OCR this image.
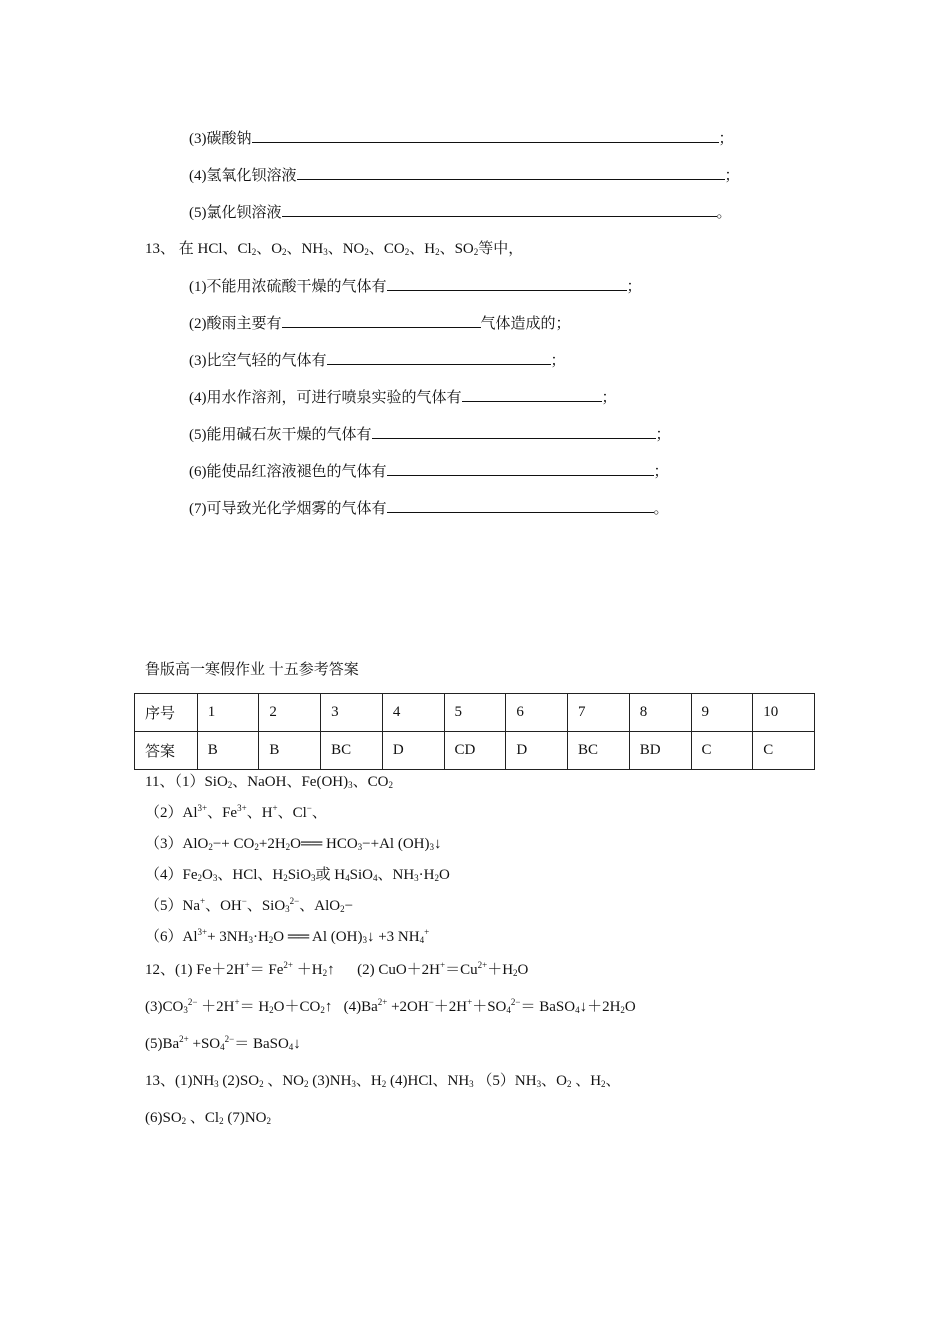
(3)碳酸钠	；
(4)氢氧化钡溶液	；
(5)氯化钡溶液	。
13、 在 HCl、$Cl_2$、$O_2$、$NH_3$、$NO_2$、$CO_2$、$H_2$、$SO_2$等中，
(1)不能用浓硫酸干燥的气体有	；
(2)酸雨主要有	气体造成的；
(3)比空气轻的气体有	；
(4)用水作溶剂，可进行喷泉实验的气体有	；
(5)能用碱石灰干燥的气体有	；
(6)能使品红溶液褪色的气体有	；
(7)可导致光化学烟雾的气体有	。
鲁版高一寒假作业 十五参考答案
序号	1	2	3	4	5	6	7	8	9	10
答案	B	B	BC	D	CD	D	BC	BD	C	C
11、（1）SiO$_2$、NaOH、$Fe(OH)_3$、$CO_2$
$(2)Al^{3+}$、$Fe^{3+}$、H+、Cl−、
$(3)AlO_2-+ CO_2+2H_2O══$ $HCO_3-+Al$ $(OH)_3↓$
$(4)Fe_2O_3$、HCl、$H_2SiO_3$或 $H_4SiO_4$、$NH_3\cdot H_2O$
（5）Na+、OH−、SiO$_3^{2-}$、AlO$_2$−
$(6)Al^{3+}+ 3NH_3\cdot H_2O$ ══ Al $(OH)_3↓ +3$ $NH_4^+$
12、(1) $Fe+2H^+= Fe^{2+}$ $+H_2↑$ (2) $CuO+2H^+=Cu^{2+}+H_2O$
$(3)CO_3^{2-} +2H^+=$ $H_2O+CO_2↑$ $(4)Ba^{2+} +2OH^-+2H^++SO_4^{2-}=$ $BaSO_4↓+2H_2O$
$(5)Ba^{2+} +SO_4^{2-}=$ BaSO$_4$↓
13、$(1)NH_3$ $(2)SO_2$ 、$NO_2$ $(3)NH_3$、$H_2$ (4)HCl、$NH_3$ $(5)NH_3$、$O_2$ 、$H_2$、
$(6)SO_2$ 、$Cl_2$ $(7)NO_2$
